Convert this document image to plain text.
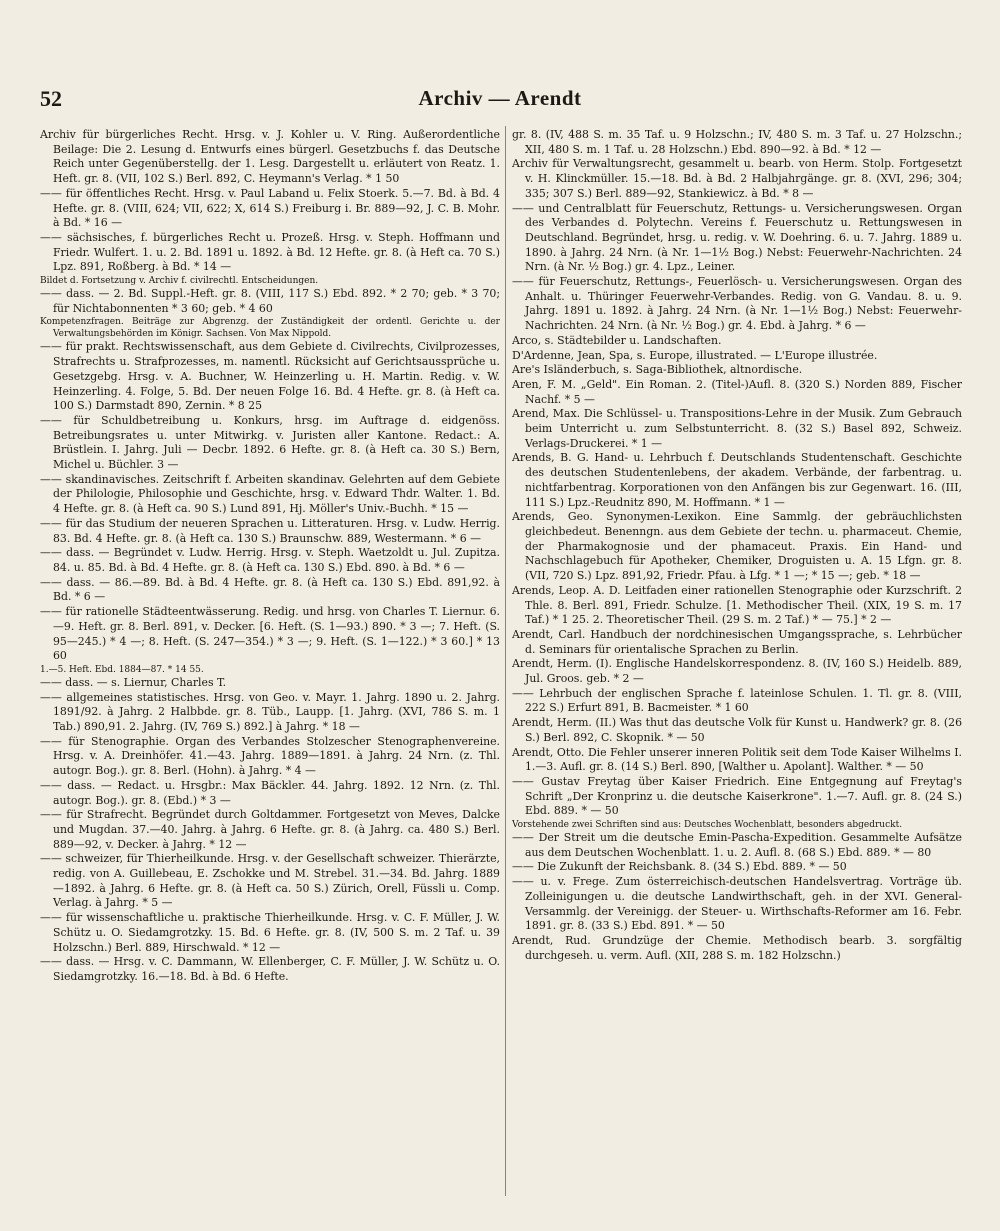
52	Archiv — Arendt

Archiv für bürgerliches Recht. Hrsg. v. J. Kohler u. V. Ring. Außerordentliche Beilage: Die 2. Lesung d. Entwurfs eines bürgerl. Gesetzbuchs f. das Deutsche Reich unter Gegenüberstellg. der 1. Lesg. Dargestellt u. erläutert von Reatz. 1. Heft. gr. 8. (VII, 102 S.) Berl. 892, C. Heymann's Verlag. * 1 50

—— für öffentliches Recht. Hrsg. v. Paul Laband u. Felix Stoerk. 5.—7. Bd. à Bd. 4 Hefte. gr. 8. (VIII, 624; VII, 622; X, 614 S.) Freiburg i. Br. 889—92, J. C. B. Mohr. à Bd. * 16 —

—— sächsisches, f. bürgerliches Recht u. Prozeß. Hrsg. v. Steph. Hoffmann und Friedr. Wulfert. 1. u. 2. Bd. 1891 u. 1892. à Bd. 12 Hefte. gr. 8. (à Heft ca. 70 S.) Lpz. 891, Roßberg. à Bd. * 14 —

Bildet d. Fortsetzung v. Archiv f. civilrechtl. Entscheidungen.

—— dass. — 2. Bd. Suppl.-Heft. gr. 8. (VIII, 117 S.) Ebd. 892. * 2 70; geb. * 3 70; für Nichtabonnenten * 3 60; geb. * 4 60

Kompetenzfragen. Beiträge zur Abgrenzg. der Zuständigkeit der ordentl. Gerichte u. der Verwaltungsbehörden im Königr. Sachsen. Von Max Nippold.

—— für prakt. Rechtswissenschaft, aus dem Gebiete d. Civilrechts, Civilprozesses, Strafrechts u. Strafprozesses, m. namentl. Rücksicht auf Gerichtsaussprüche u. Gesetzgebg. Hrsg. v. A. Buchner, W. Heinzerling u. H. Martin. Redig. v. W. Heinzerling. 4. Folge, 5. Bd. Der neuen Folge 16. Bd. 4 Hefte. gr. 8. (à Heft ca. 100 S.) Darmstadt 890, Zernin. * 8 25

—— für Schuldbetreibung u. Konkurs, hrsg. im Auftrage d. eidgenöss. Betreibungsrates u. unter Mitwirkg. v. Juristen aller Kantone. Redact.: A. Brüstlein. I. Jahrg. Juli — Decbr. 1892. 6 Hefte. gr. 8. (à Heft ca. 30 S.) Bern, Michel u. Büchler. 3 —

—— skandinavisches. Zeitschrift f. Arbeiten skandinav. Gelehrten auf dem Gebiete der Philologie, Philosophie und Geschichte, hrsg. v. Edward Thdr. Walter. 1. Bd. 4 Hefte. gr. 8. (à Heft ca. 90 S.) Lund 891, Hj. Möller's Univ.-Buchh. * 15 —

—— für das Studium der neueren Sprachen u. Litteraturen. Hrsg. v. Ludw. Herrig. 83. Bd. 4 Hefte. gr. 8. (à Heft ca. 130 S.) Braunschw. 889, Westermann. * 6 —

—— dass. — Begründet v. Ludw. Herrig. Hrsg. v. Steph. Waetzoldt u. Jul. Zupitza. 84. u. 85. Bd. à Bd. 4 Hefte. gr. 8. (à Heft ca. 130 S.) Ebd. 890. à Bd. * 6 —

—— dass. — 86.—89. Bd. à Bd. 4 Hefte. gr. 8. (à Heft ca. 130 S.) Ebd. 891,92. à Bd. * 6 —

—— für rationelle Städteentwässerung. Redig. und hrsg. von Charles T. Liernur. 6.—9. Heft. gr. 8. Berl. 891, v. Decker. [6. Heft. (S. 1—93.) 890. * 3 —; 7. Heft. (S. 95—245.) * 4 —; 8. Heft. (S. 247—354.) * 3 —; 9. Heft. (S. 1—122.) * 3 60.] * 13 60

1.—5. Heft. Ebd. 1884—87. * 14 55.

—— dass. — s. Liernur, Charles T.

—— allgemeines statistisches. Hrsg. von Geo. v. Mayr. 1. Jahrg. 1890 u. 2. Jahrg. 1891/92. à Jahrg. 2 Halbbde. gr. 8. Tüb., Laupp. [1. Jahrg. (XVI, 786 S. m. 1 Tab.) 890,91. 2. Jahrg. (IV, 769 S.) 892.] à Jahrg. * 18 —

—— für Stenographie. Organ des Verbandes Stolzescher Stenographenvereine. Hrsg. v. A. Dreinhöfer. 41.—43. Jahrg. 1889—1891. à Jahrg. 24 Nrn. (z. Thl. autogr. Bog.). gr. 8. Berl. (Hohn). à Jahrg. * 4 —

—— dass. — Redact. u. Hrsgbr.: Max Bäckler. 44. Jahrg. 1892. 12 Nrn. (z. Thl. autogr. Bog.). gr. 8. (Ebd.) * 3 —

—— für Strafrecht. Begründet durch Goltdammer. Fortgesetzt von Meves, Dalcke und Mugdan. 37.—40. Jahrg. à Jahrg. 6 Hefte. gr. 8. (à Jahrg. ca. 480 S.) Berl. 889—92, v. Decker. à Jahrg. * 12 —

—— schweizer, für Thierheilkunde. Hrsg. v. der Gesellschaft schweizer. Thierärzte, redig. von A. Guillebeau, E. Zschokke und M. Strebel. 31.—34. Bd. Jahrg. 1889—1892. à Jahrg. 6 Hefte. gr. 8. (à Heft ca. 50 S.) Zürich, Orell, Füssli u. Comp. Verlag. à Jahrg. * 5 —

—— für wissenschaftliche u. praktische Thierheilkunde. Hrsg. v. C. F. Müller, J. W. Schütz u. O. Siedamgrotzky. 15. Bd. 6 Hefte. gr. 8. (IV, 500 S. m. 2 Taf. u. 39 Holzschn.) Berl. 889, Hirschwald. * 12 —

—— dass. — Hrsg. v. C. Dammann, W. Ellenberger, C. F. Müller, J. W. Schütz u. O. Siedamgrotzky. 16.—18. Bd. à Bd. 6 Hefte.

gr. 8. (IV, 488 S. m. 35 Taf. u. 9 Holzschn.; IV, 480 S. m. 3 Taf. u. 27 Holzschn.; XII, 480 S. m. 1 Taf. u. 28 Holzschn.) Ebd. 890—92. à Bd. * 12 —

Archiv für Verwaltungsrecht, gesammelt u. bearb. von Herm. Stolp. Fortgesetzt v. H. Klinckmüller. 15.—18. Bd. à Bd. 2 Halbjahrgänge. gr. 8. (XVI, 296; 304; 335; 307 S.) Berl. 889—92, Stankiewicz. à Bd. * 8 —

—— und Centralblatt für Feuerschutz, Rettungs- u. Versicherungswesen. Organ des Verbandes d. Polytechn. Vereins f. Feuerschutz u. Rettungswesen in Deutschland. Begründet, hrsg. u. redig. v. W. Doehring. 6. u. 7. Jahrg. 1889 u. 1890. à Jahrg. 24 Nrn. (à Nr. 1—1½ Bog.) Nebst: Feuerwehr-Nachrichten. 24 Nrn. (à Nr. ½ Bog.) gr. 4. Lpz., Leiner.

—— für Feuerschutz, Rettungs-, Feuerlösch- u. Versicherungswesen. Organ des Anhalt. u. Thüringer Feuerwehr-Verbandes. Redig. von G. Vandau. 8. u. 9. Jahrg. 1891 u. 1892. à Jahrg. 24 Nrn. (à Nr. 1—1½ Bog.) Nebst: Feuerwehr-Nachrichten. 24 Nrn. (à Nr. ½ Bog.) gr. 4. Ebd. à Jahrg. * 6 —

Arco, s. Städtebilder u. Landschaften.

D'Ardenne, Jean, Spa, s. Europe, illustrated. — L'Europe illustrée.

Are's Isländerbuch, s. Saga-Bibliothek, altnordische.

Aren, F. M. „Geld". Ein Roman. 2. (Titel-)Aufl. 8. (320 S.) Norden 889, Fischer Nachf. * 5 —

Arend, Max. Die Schlüssel- u. Transpositions-Lehre in der Musik. Zum Gebrauch beim Unterricht u. zum Selbstunterricht. 8. (32 S.) Basel 892, Schweiz. Verlags-Druckerei. * 1 —

Arends, B. G. Hand- u. Lehrbuch f. Deutschlands Studentenschaft. Geschichte des deutschen Studentenlebens, der akadem. Verbände, der farbentrag. u. nichtfarbentrag. Korporationen von den Anfängen bis zur Gegenwart. 16. (III, 111 S.) Lpz.-Reudnitz 890, M. Hoffmann. * 1 —

Arends, Geo. Synonymen-Lexikon. Eine Sammlg. der gebräuchlichsten gleichbedeut. Benenngn. aus dem Gebiete der techn. u. pharmaceut. Chemie, der Pharmakognosie und der phamaceut. Praxis. Ein Hand- und Nachschlagebuch für Apotheker, Chemiker, Droguisten u. A. 15 Lfgn. gr. 8. (VII, 720 S.) Lpz. 891,92, Friedr. Pfau. à Lfg. * 1 —; * 15 —; geb. * 18 —

Arends, Leop. A. D. Leitfaden einer rationellen Stenographie oder Kurzschrift. 2 Thle. 8. Berl. 891, Friedr. Schulze. [1. Methodischer Theil. (XIX, 19 S. m. 17 Taf.) * 1 25. 2. Theoretischer Theil. (29 S. m. 2 Taf.) * — 75.] * 2 —

Arendt, Carl. Handbuch der nordchinesischen Umgangssprache, s. Lehrbücher d. Seminars für orientalische Sprachen zu Berlin.

Arendt, Herm. (I). Englische Handelskorrespondenz. 8. (IV, 160 S.) Heidelb. 889, Jul. Groos. geb. * 2 —

—— Lehrbuch der englischen Sprache f. lateinlose Schulen. 1. Tl. gr. 8. (VIII, 222 S.) Erfurt 891, B. Bacmeister. * 1 60

Arendt, Herm. (II.) Was thut das deutsche Volk für Kunst u. Handwerk? gr. 8. (26 S.) Berl. 892, C. Skopnik. * — 50

Arendt, Otto. Die Fehler unserer inneren Politik seit dem Tode Kaiser Wilhelms I. 1.—3. Aufl. gr. 8. (14 S.) Berl. 890, [Walther u. Apolant]. Walther. * — 50

—— Gustav Freytag über Kaiser Friedrich. Eine Entgegnung auf Freytag's Schrift „Der Kronprinz u. die deutsche Kaiserkrone". 1.—7. Aufl. gr. 8. (24 S.) Ebd. 889. * — 50

Vorstehende zwei Schriften sind aus: Deutsches Wochenblatt, besonders abgedruckt.

—— Der Streit um die deutsche Emin-Pascha-Expedition. Gesammelte Aufsätze aus dem Deutschen Wochenblatt. 1. u. 2. Aufl. 8. (68 S.) Ebd. 889. * — 80

—— Die Zukunft der Reichsbank. 8. (34 S.) Ebd. 889. * — 50

—— u. v. Frege. Zum österreichisch-deutschen Handelsvertrag. Vorträge üb. Zolleinigungen u. die deutsche Landwirthschaft, geh. in der XVI. General-Versammlg. der Vereinigg. der Steuer- u. Wirthschafts-Reformer am 16. Febr. 1891. gr. 8. (33 S.) Ebd. 891. * — 50

Arendt, Rud. Grundzüge der Chemie. Methodisch bearb. 3. sorgfältig durchgeseh. u. verm. Aufl. (XII, 288 S. m. 182 Holzschn.)
